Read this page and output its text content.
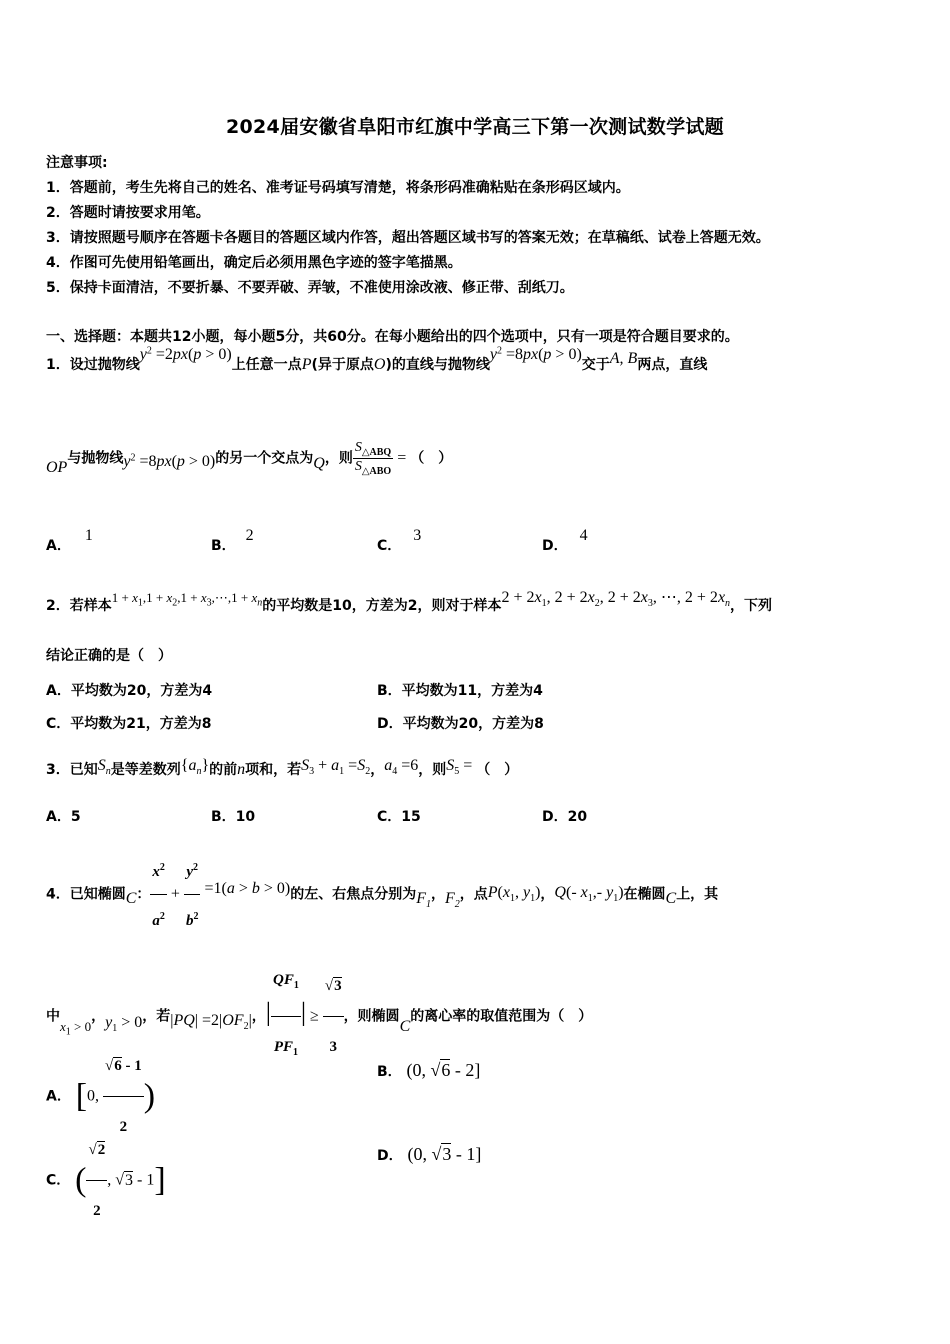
2024届安徽省阜阳市红旗中学高三下第一次测试数学试题
注意事项:
1．答题前，考生先将自己的姓名、准考证号码填写清楚，将条形码准确粘贴在条形码区域内。
2．答题时请按要求用笔。
3．请按照题号顺序在答题卡各题目的答题区域内作答，超出答题区域书写的答案无效；在草稿纸、试卷上答题无效。
4．作图可先使用铅笔画出，确定后必须用黑色字迹的签字笔描黑。
5．保持卡面清洁，不要折暴、不要弄破、弄皱，不准使用涂改液、修正带、刮纸刀。
一、选择题：本题共12小题，每小题5分，共60分。在每小题给出的四个选项中，只有一项是符合题目要求的。
1．设过抛物线$y^2 =2px(p > 0)$上任意一点P(异于原点O)的直线与抛物线$y^2 =8px(p > 0)$交于A, B两点，直线
OP与抛物线$y^2 =8px(p > 0)$的另一个交点为Q，则 $\frac{S_{\triangle ABQ}}{S_{\triangle ABO}}$ = （　）
A．1
B．2
C．3
D．4
2．若样本$1 + x_1,1 + x_2,1$ + $x_3,\cdots,1 + x_n$的平均数是10，方差为2，则对于样本$2 + 2x_1$, $2 + 2x_2$, $2 + 2x_3$, ⋯, $2 + 2x_n$，下列
结论正确的是（　）
A．平均数为20，方差为4	B．平均数为11，方差为4
C．平均数为21，方差为8	D．平均数为20，方差为8
3．已知$S_n$是等差数列$\{a_n\}$的前n项和，若$S_3 + a_1 =S_2$，$a_4 =6$，则$S_5$ = （　）
A．5	B．10	C．15	D．20
4．已知椭圆C： $\frac{x^2}{a^2} + \frac{y^2}{b^2} =1(a > b > 0)$的左、右焦点分别为$F_1$，$F_2$，点$P(x_1$, $y_1$)，Q(- $x_1,-$ $y_1$)在椭圆C上，其
中$x_1 > 0$，$y_1 > 0$，若$|PQ| =2|OF_2|$，| $\frac{QF_1}{PF_1}$ | ≥ $\frac{√3}{3}$ ，则椭圆C的离心率的取值范围为（　）
A． [0, $\frac{√6 - 1}{2}$ )
B． (0, √6 - 2]
C． ( $\frac{√2}{2}$ , √3 - 1]
D． (0, √3 - 1]
